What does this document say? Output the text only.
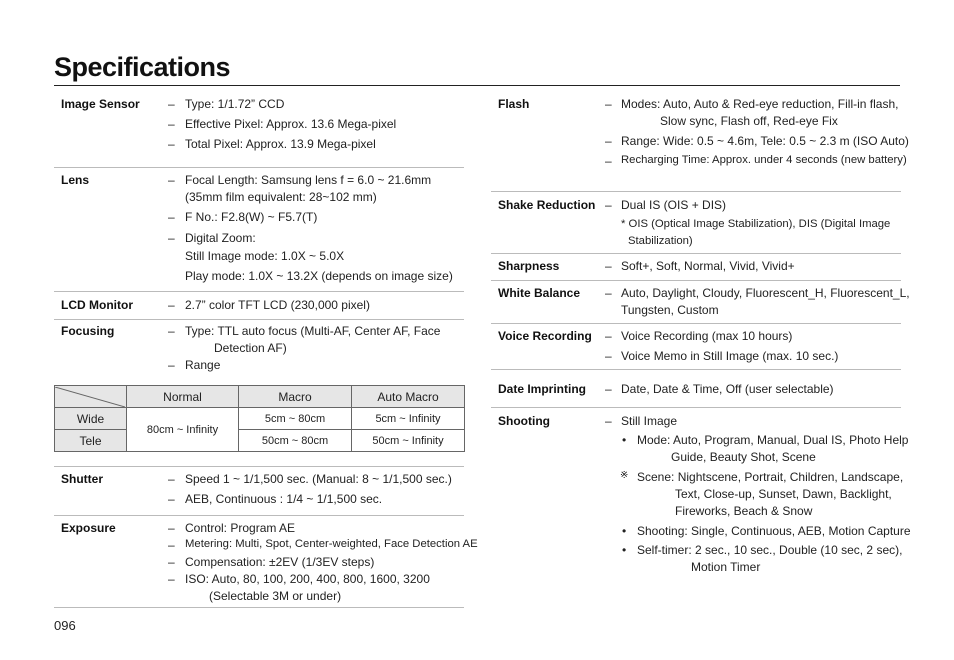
Specifications
Image Sensor – Type: 1/1.72” CCD
– Effective Pixel: Approx. 13.6 Mega-pixel
– Total Pixel: Approx. 13.9 Mega-pixel
Lens	– Focal Length: Samsung lens f = 6.0 ~ 21.6mm
(35mm film equivalent: 28~102 mm)
– F No.: F2.8(W) ~ F5.7(T)
– Digital Zoom:
Still Image mode: 1.0X ~ 5.0X
Play mode: 1.0X ~ 13.2X (depends on image size)
LCD Monitor	– 2.7” color TFT LCD (230,000 pixel)
Focusing	– Type: TTL auto focus (Multi-AF, Center AF, Face
Detection AF)
– Range
	Normal	Macro	Auto Macro
Wide	80cm ~ Infinity	5cm ~ 80cm	5cm ~ Infinity
Tele		50cm ~ 80cm	50cm ~ Infinity
Shutter	– Speed 1 ~ 1/1,500 sec. (Manual: 8 ~ 1/1,500 sec.)
– AEB, Continuous : 1/4 ~ 1/1,500 sec.
Exposure	– Control: Program AE
– Metering: Multi, Spot, Center-weighted, Face Detection AE
– Compensation: ±2EV (1/3EV steps)
– ISO: Auto, 80, 100, 200, 400, 800, 1600, 3200
(Selectable 3M or under)
Flash	– Modes: Auto, Auto & Red-eye reduction, Fill-in flash,
Slow sync, Flash off, Red-eye Fix
– Range: Wide: 0.5 ~ 4.6m, Tele: 0.5 ~ 2.3 m (ISO Auto)
– Recharging Time: Approx. under 4 seconds (new battery)
Shake Reduction – Dual IS (OIS + DIS)
* OIS (Optical Image Stabilization), DIS (Digital Image
Stabilization)
Sharpness	– Soft+, Soft, Normal, Vivid, Vivid+
White Balance – Auto, Daylight, Cloudy, Fluorescent_H, Fluorescent_L,
Tungsten, Custom
Voice Recording – Voice Recording (max 10 hours)
– Voice Memo in Still Image (max. 10 sec.)
Date Imprinting – Date, Date & Time, Off (user selectable)
Shooting	– Still Image
• Mode: Auto, Program, Manual, Dual IS, Photo Help
Guide, Beauty Shot, Scene
※ Scene: Nightscene, Portrait, Children, Landscape,
Text, Close-up, Sunset, Dawn, Backlight,
Fireworks, Beach & Snow
• Shooting: Single, Continuous, AEB, Motion Capture
• Self-timer: 2 sec., 10 sec., Double (10 sec, 2 sec),
Motion Timer
096
